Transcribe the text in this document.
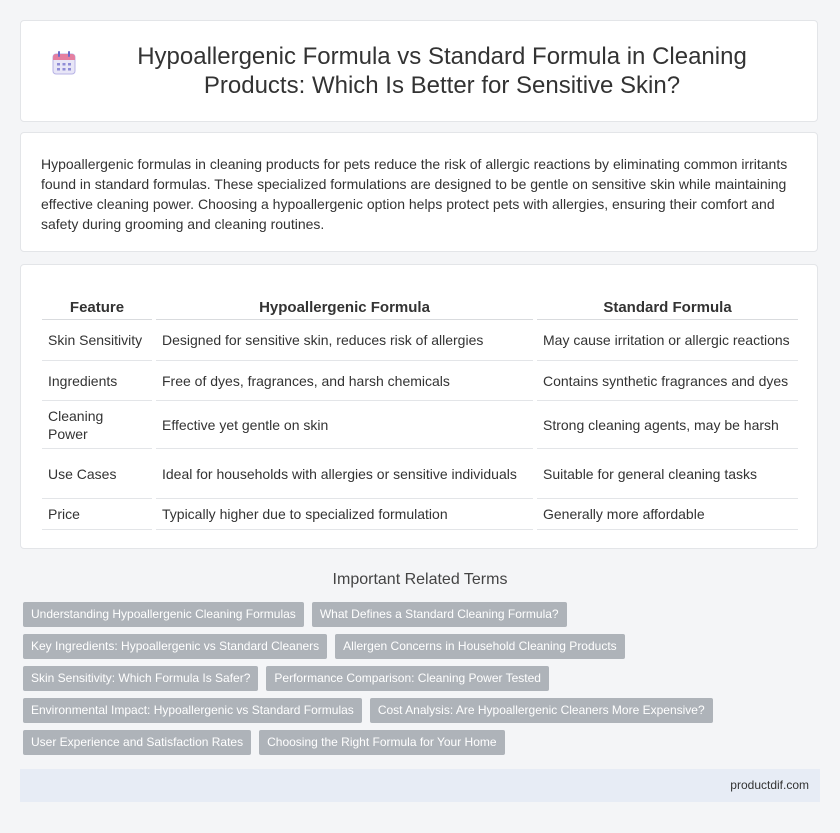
Hypoallergenic Formula vs Standard Formula in Cleaning Products: Which Is Better for Sensitive Skin?

Hypoallergenic formulas in cleaning products for pets reduce the risk of allergic reactions by eliminating common irritants found in standard formulas. These specialized formulations are designed to be gentle on sensitive skin while maintaining effective cleaning power. Choosing a hypoallergenic option helps protect pets with allergies, ensuring their comfort and safety during grooming and cleaning routines.

Feature		Hypoallergenic Formula		Standard Formula
Skin Sensitivity		Designed for sensitive skin, reduces risk of allergies		May cause irritation or allergic reactions
Ingredients		Free of dyes, fragrances, and harsh chemicals		Contains synthetic fragrances and dyes
Cleaning Power		Effective yet gentle on skin		Strong cleaning agents, may be harsh
Use Cases		Ideal for households with allergies or sensitive individuals		Suitable for general cleaning tasks
Price		Typically higher due to specialized formulation		Generally more affordable
Important Related Terms
Understanding Hypoallergenic Cleaning Formulas	What Defines a Standard Cleaning Formula?
Key Ingredients: Hypoallergenic vs Standard Cleaners	Allergen Concerns in Household Cleaning Products
Skin Sensitivity: Which Formula Is Safer?	Performance Comparison: Cleaning Power Tested
Environmental Impact: Hypoallergenic vs Standard Formulas	Cost Analysis: Are Hypoallergenic Cleaners More Expensive?
User Experience and Satisfaction Rates	Choosing the Right Formula for Your Home
productdif.com
